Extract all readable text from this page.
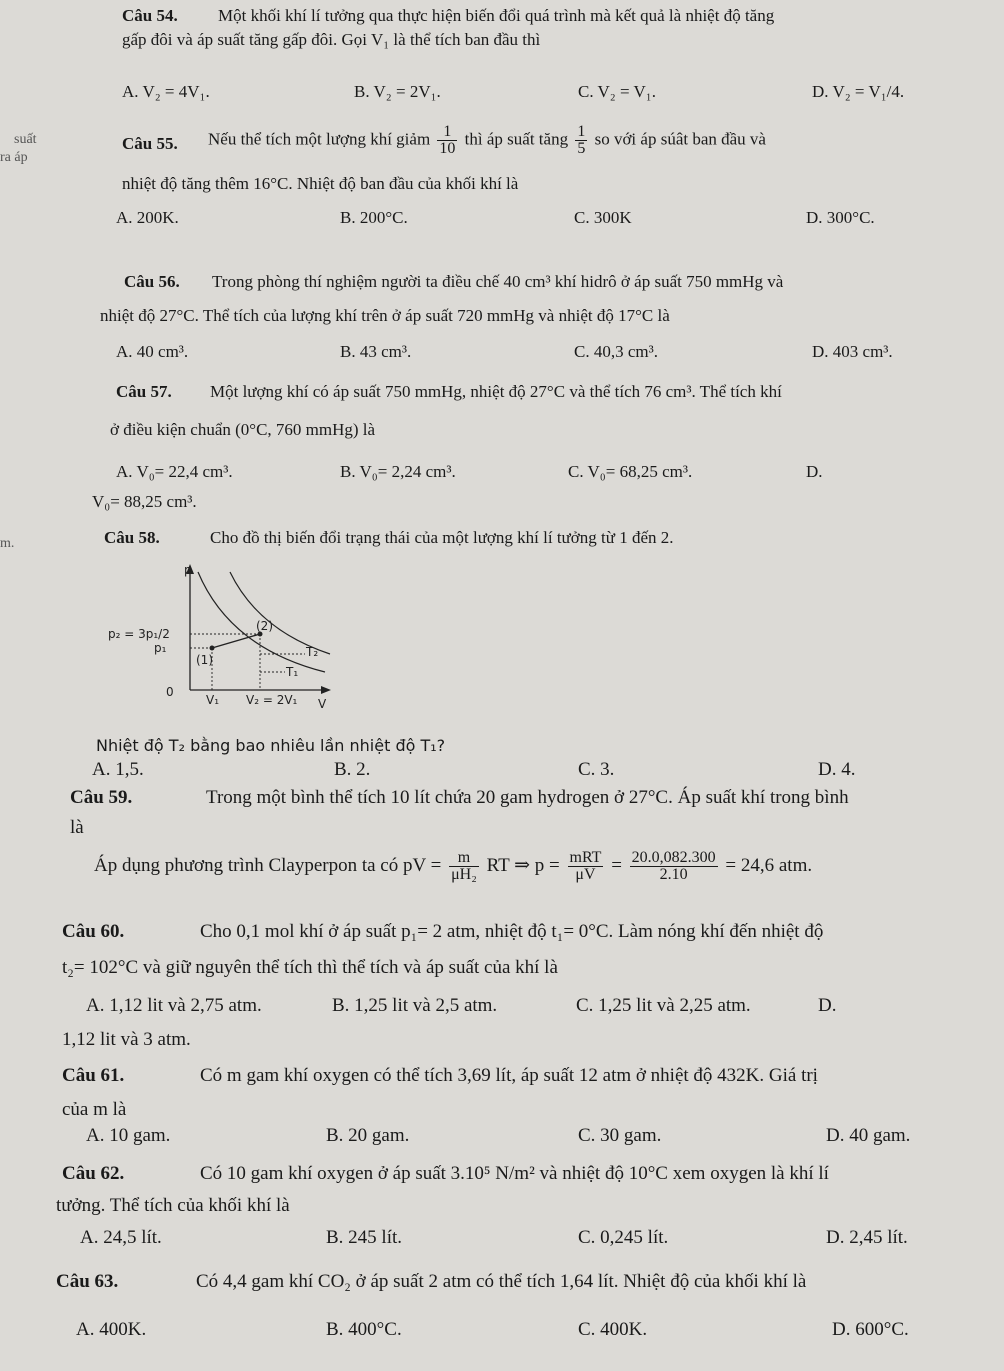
suất
ra áp
m.
Câu 54. Một khối khí lí tưởng qua thực hiện biến đổi quá trình mà kết quả là nhiệt độ tăng
gấp đôi và áp suất tăng gấp đôi. Gọi V₁ là thể tích ban đầu thì
A. V₂ = 4V₁.	B. V₂ = 2V₁.	C. V₂ = V₁.	D. V₂ = V₁/4.
Câu 55. Nếu thể tích một lượng khí giảm $\frac{1}{10}$ thì áp suất tăng $\frac{1}{5}$ so với áp súât ban đầu và
nhiệt độ tăng thêm 16°C. Nhiệt độ ban đầu của khối khí là
A. 200K.	B. 200°C.	C. 300K	D. 300°C.
Câu 56. Trong phòng thí nghiệm người ta điều chế 40 cm³ khí hidrô ở áp suất 750 mmHg và
nhiệt độ 27°C. Thể tích của lượng khí trên ở áp suất 720 mmHg và nhiệt độ 17°C là
A. 40 cm³.	B. 43 cm³.	C. 40,3 cm³.	D. 403 cm³.
Câu 57. Một lượng khí có áp suất 750 mmHg, nhiệt độ 27°C và thể tích 76 cm³. Thể tích khí
ở điều kiện chuẩn (0°C, 760 mmHg) là
A. V₀= 22,4 cm³.	B. V₀= 2,24 cm³.	C. V₀= 68,25 cm³.	D.
V₀= 88,25 cm³.
Câu 58.	Cho đồ thị biến đổi trạng thái của một lượng khí lí tưởng từ 1 đến 2.
p
V
0
p₂ = 3p₁/2
p₁
V₁ V₂ = 2V₁
(1)
(2)
T₁
T₂
Nhiệt độ T₂ bằng bao nhiêu lần nhiệt độ T₁?
A. 1,5.	B. 2.	C. 3.	D. 4.
Câu 59.	Trong một bình thể tích 10 lít chứa 20 gam hydrogen ở 27°C. Áp suất khí trong bình
là
Áp dụng phương trình Clayperpon ta có pV = $\frac{m}{\text{μH₂}}$ RT ⇒ $p = \frac{\text{mRT}}{\mu V} = \frac{20.0,082.300}{2.10} = 24,6$ atm.
Câu 60.	Cho 0,1 mol khí ở áp suất p₁= 2 atm, nhiệt độ t₁= 0°C. Làm nóng khí đến nhiệt độ
t₂= 102°C và giữ nguyên thể tích thì thể tích và áp suất của khí là
A. 1,12 lit và 2,75 atm.	B. 1,25 lit và 2,5 atm.	C. 1,25 lit và 2,25 atm.	D.
1,12 lit và 3 atm.
Câu 61.	Có m gam khí oxygen có thể tích 3,69 lít, áp suất 12 atm ở nhiệt độ 432K. Giá trị
của m là
A. 10 gam.	B. 20 gam.	C. 30 gam.	D. 40 gam.
Câu 62.	Có 10 gam khí oxygen ở áp suất 3.10⁵ N/m² và nhiệt độ 10°C xem oxygen là khí lí
tưởng. Thể tích của khối khí là
A. 24,5 lít.	B. 245 lít.	C. 0,245 lít.	D. 2,45 lít.
Câu 63.	Có 4,4 gam khí CO₂ ở áp suất 2 atm có thể tích 1,64 lít. Nhiệt độ của khối khí là
A. 400K.	B. 400°C.	C. 400K.	D. 600°C.
